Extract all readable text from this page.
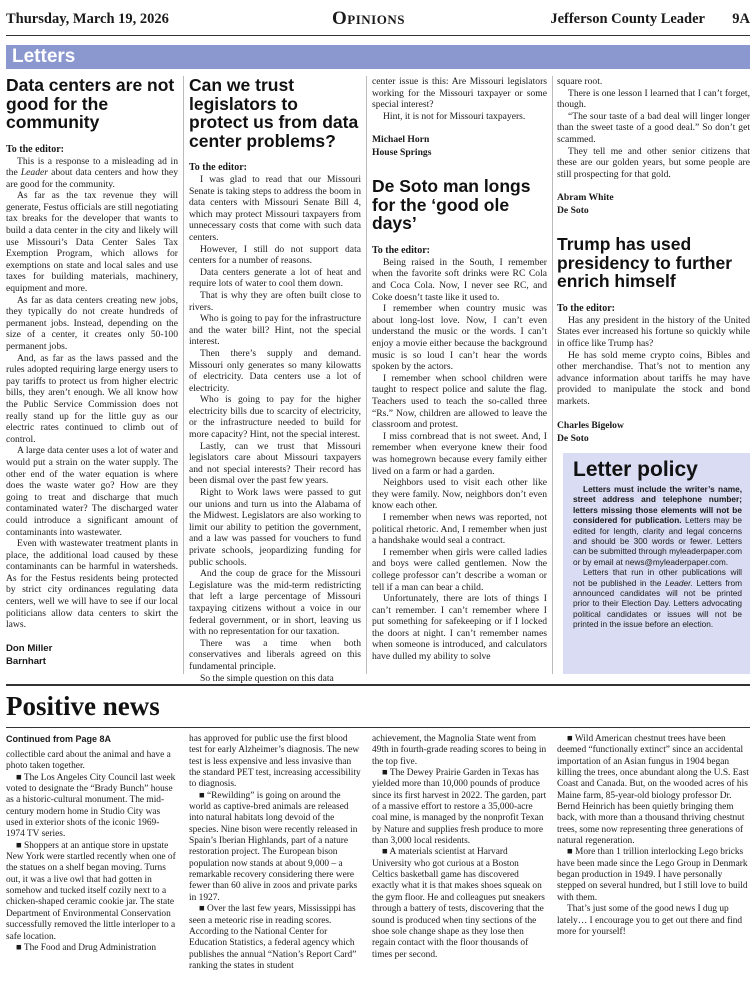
Thursday, March 19, 2026	Opinions	Jefferson County Leader 9A
Letters
Data centers are not good for the community
To the editor:

This is a response to a misleading ad in the Leader about data centers and how they are good for the community.

As far as the tax revenue they will generate, Festus officials are still negotiating tax breaks for the developer that wants to build a data center in the city and likely will use Missouri’s Data Center Sales Tax Exemption Program, which allows for exemptions on state and local sales and use taxes for building materials, machinery, equipment and more.

As far as data centers creating new jobs, they typically do not create hundreds of permanent jobs. Instead, depending on the size of a center, it creates only 50-100 permanent jobs.

And, as far as the laws passed and the rules adopted requiring large energy users to pay tariffs to protect us from higher electric bills, they aren’t enough. We all know how the Public Service Commission does not really stand up for the little guy as our electric rates continued to climb out of control.

A large data center uses a lot of water and would put a strain on the water supply. The other end of the water equation is where does the waste water go? How are they going to treat and discharge that much contaminated water? The discharged water could introduce a significant amount of contaminants into wastewater.

Even with wastewater treatment plants in place, the additional load caused by these contaminants can be harmful in watersheds. As for the Festus residents being protected by strict city ordinances regulating data centers, well we will have to see if our local politicians allow data centers to skirt the laws.

Don Miller
Barnhart
Can we trust legislators to protect us from data center problems?
To the editor:

I was glad to read that our Missouri Senate is taking steps to address the boom in data centers with Missouri Senate Bill 4, which may protect Missouri taxpayers from unnecessary costs that come with such data centers.

However, I still do not support data centers for a number of reasons.

Data centers generate a lot of heat and require lots of water to cool them down.

That is why they are often built close to rivers.

Who is going to pay for the infrastructure and the water bill? Hint, not the special interest.

Then there’s supply and demand. Missouri only generates so many kilowatts of electricity. Data centers use a lot of electricity.

Who is going to pay for the higher electricity bills due to scarcity of electricity, or the infrastructure needed to build for more capacity? Hint, not the special interest.

Lastly, can we trust that Missouri legislators care about Missouri taxpayers and not special interests? Their record has been dismal over the past few years.

Right to Work laws were passed to gut our unions and turn us into the Alabama of the Midwest. Legislators are also working to limit our ability to petition the government, and a law was passed for vouchers to fund private schools, jeopardizing funding for public schools.

And the coup de grace for the Missouri Legislature was the mid-term redistricting that left a large percentage of Missouri taxpaying citizens without a voice in our federal government, or in short, leaving us with no representation for our taxation.

There was a time when both conservatives and liberals agreed on this fundamental principle.

So the simple question on this data

center issue is this: Are Missouri legislators working for the Missouri taxpayer or some special interest?

Hint, it is not for Missouri taxpayers.

Michael Horn
House Springs
De Soto man longs for the ‘good ole days’
To the editor:

Being raised in the South, I remember when the favorite soft drinks were RC Cola and Coca Cola. Now, I never see RC, and Coke doesn’t taste like it used to.

I remember when country music was about long-lost love. Now, I can’t even understand the music or the words. I can’t enjoy a movie either because the background music is so loud I can’t hear the words spoken by the actors.

I remember when school children were taught to respect police and salute the flag. Teachers used to teach the so-called three “Rs.” Now, children are allowed to leave the classroom and protest.

I miss cornbread that is not sweet. And, I remember when everyone knew their food was homegrown because every family either lived on a farm or had a garden.

Neighbors used to visit each other like they were family. Now, neighbors don’t even know each other.

I remember when news was reported, not political rhetoric. And, I remember when just a handshake would seal a contract.

I remember when girls were called ladies and boys were called gentlemen. Now the college professor can’t describe a woman or tell if a man can bear a child.

Unfortunately, there are lots of things I can’t remember. I can’t remember where I put something for safekeeping or if I locked the doors at night. I can’t remember names when someone is introduced, and calculators have dulled my ability to solve

square root.

There is one lesson I learned that I can’t forget, though.

“The sour taste of a bad deal will linger longer than the sweet taste of a good deal.” So don’t get scammed.

They tell me and other senior citizens that these are our golden years, but some people are still prospecting for that gold.

Abram White
De Soto
Trump has used presidency to further enrich himself
To the editor:

Has any president in the history of the United States ever increased his fortune so quickly while in office like Trump has?

He has sold meme crypto coins, Bibles and other merchandise. That’s not to mention any advance information about tariffs he may have provided to manipulate the stock and bond markets.

Charles Bigelow
De Soto
Letter policy

Letters must include the writer’s name, street address and telephone number; letters missing those elements will not be considered for publication. Letters may be edited for length, clarity and legal concerns and should be 300 words or fewer. Letters can be submitted through myleaderpaper.com or by email at news@myleaderpaper.com.

Letters that run in other publications will not be published in the Leader. Letters from announced candidates will not be printed prior to their Election Day. Letters advocating political candidates or issues will not be printed in the issue before an election.

Positive news
Continued from Page 8A

collectible card about the animal and have a photo taken together.

■ The Los Angeles City Council last week voted to designate the “Brady Bunch” house as a historic-cultural monument. The mid-century modern home in Studio City was used in exterior shots of the iconic 1969-1974 TV series.

■ Shoppers at an antique store in upstate New York were startled recently when one of the statues on a shelf began moving. Turns out, it was a live owl that had gotten in somehow and tucked itself cozily next to a chicken-shaped ceramic cookie jar. The state Department of Environmental Conservation successfully removed the little interloper to a safe location.

■ The Food and Drug Administration

has approved for public use the first blood test for early Alzheimer’s diagnosis. The new test is less expensive and less invasive than the standard PET test, increasing accessibility to diagnosis.

■ “Rewilding” is going on around the world as captive-bred animals are released into natural habitats long devoid of the species. Nine bison were recently released in Spain’s Iberian Highlands, part of a nature restoration project. The European bison population now stands at about 9,000 – a remarkable recovery considering there were fewer than 60 alive in zoos and private parks in 1927.

■ Over the last few years, Mississippi has seen a meteoric rise in reading scores. According to the National Center for Education Statistics, a federal agency which publishes the annual “Nation’s Report Card” ranking the states in student

achievement, the Magnolia State went from 49th in fourth-grade reading scores to being in the top five.

■ The Dewey Prairie Garden in Texas has yielded more than 10,000 pounds of produce since its first harvest in 2022. The garden, part of a massive effort to restore a 35,000-acre coal mine, is managed by the nonprofit Texan by Nature and supplies fresh produce to more than 3,000 local residents.

■ A materials scientist at Harvard University who got curious at a Boston Celtics basketball game has discovered exactly what it is that makes shoes squeak on the gym floor. He and colleagues put sneakers through a battery of tests, discovering that the sound is produced when tiny sections of the shoe sole change shape as they lose then regain contact with the floor thousands of times per second.

■ Wild American chestnut trees have been deemed “functionally extinct” since an accidental importation of an Asian fungus in 1904 began killing the trees, once abundant along the U.S. East Coast and Canada. But, on the wooded acres of his Maine farm, 85-year-old biology professor Dr. Bernd Heinrich has been quietly bringing them back, with more than a thousand thriving chestnut trees, some now representing three generations of natural regeneration.

■ More than 1 trillion interlocking Lego bricks have been made since the Lego Group in Denmark began production in 1949. I have personally stepped on several hundred, but I still love to build with them.

That’s just some of the good news I dug up lately… I encourage you to get out there and find more for yourself!
